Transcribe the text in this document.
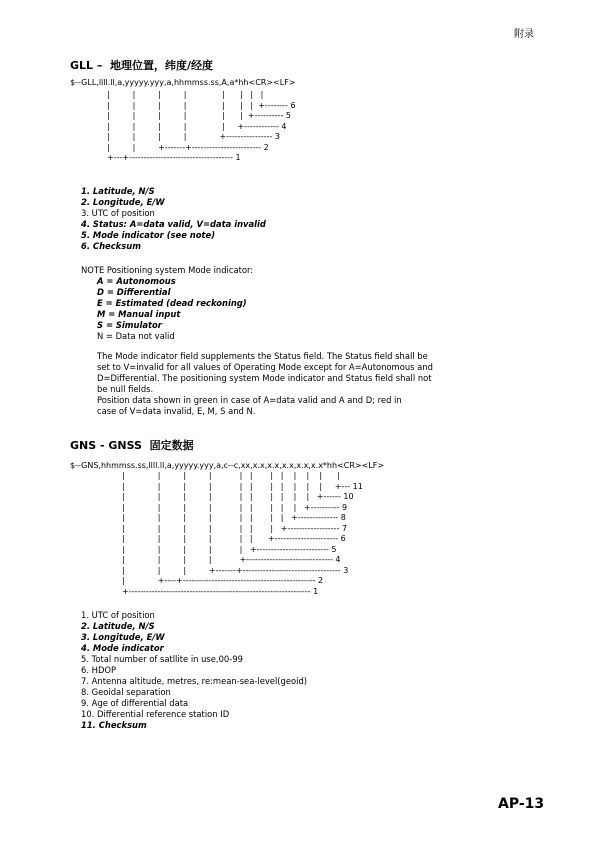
附录
GLL –  地理位置，纬度/经度
$--GLL,llll.ll,a,yyyyy.yyy,a,hhmmss.ss,A,a*hh<CR><LF>
|         |         |         |              |      |   |   |
|         |         |         |              |      |   |  +-------- 6
|         |         |         |              |      |  +---------- 5
|         |         |         |              |     +------------ 4
|         |         |         |             +---------------- 3
|         |         +-------+------------------------ 2
+---+------------------------------------ 1
1. Latitude, N/S
2. Longitude, E/W
3. UTC of position
4. Status: A=data valid, V=data invalid
5. Mode indicator (see note)
6. Checksum
NOTE Positioning system Mode indicator:
A = Autonomous
D = Differential
E = Estimated (dead reckoning)
M = Manual input
S = Simulator
N = Data not valid
The Mode indicator field supplements the Status field. The Status field shall be
set to V=invalid for all values of Operating Mode except for A=Autonomous and
D=Differential. The positioning system Mode indicator and Status field shall not
be null fields.
Position data shown in green in case of A=data valid and A and D; red in
case of V=data invalid, E, M, S and N.
GNS - GNSS  固定数据
$--GNS,hhmmss.ss,llll.ll,a,yyyyy.yyy,a,c--c,xx,x.x,x.x,x.x,x.x,x.x*hh<CR><LF>
|             |         |         |           |   |       |   |    |    |    |      |
|             |         |         |           |   |       |   |    |    |    |     +--- 11
|             |         |         |           |   |       |   |    |    |   +------ 10
|             |         |         |           |   |       |   |    |   +---------- 9
|             |         |         |           |   |       |   |   +-------------- 8
|             |         |         |           |   |       |   +------------------ 7
|             |         |         |           |   |      +---------------------- 6
|             |         |         |           |   +------------------------- 5
|             |         |         |           +------------------------------ 4
|             |         |         +-------+---------------------------------- 3
|             +----+---------------------------------------------- 2
+--------------------------------------------------------------- 1
1. UTC of position
2. Latitude, N/S
3. Longitude, E/W
4. Mode indicator
5. Total number of satllite in use,00-99
6. HDOP
7. Antenna altitude, metres, re:mean-sea-level(geoid)
8. Geoidal separation
9. Age of differential data
10. Differential reference station ID
11. Checksum
AP-13
